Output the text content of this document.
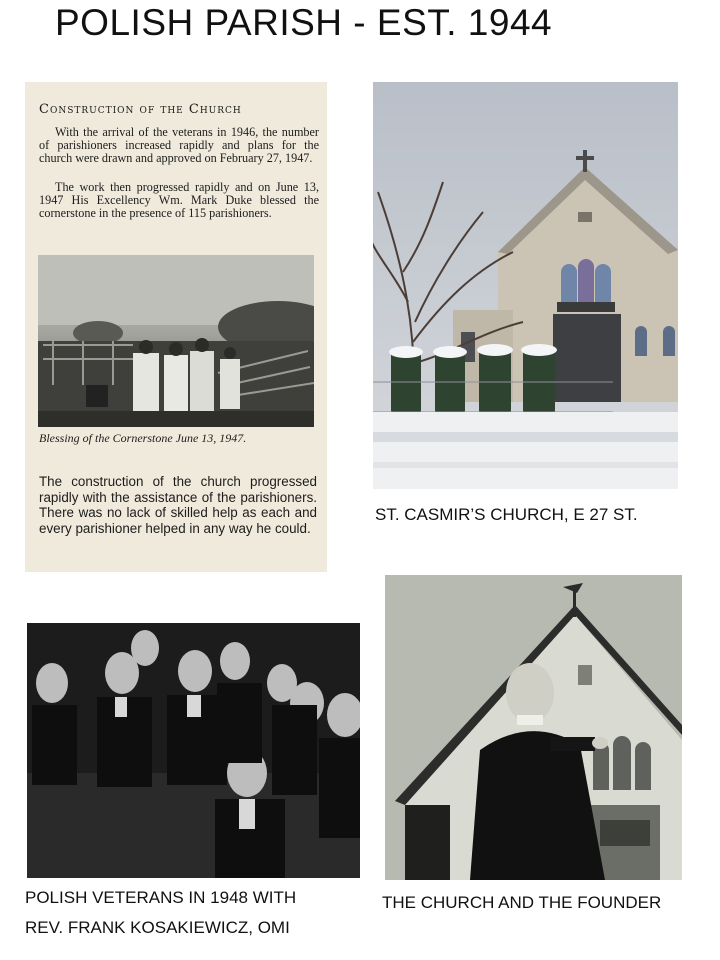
POLISH PARISH - EST. 1944
Construction of the Church

With the arrival of the veterans in 1946, the number of parishioners increased rapidly and plans for the church were drawn and approved on February 27, 1947.

The work then progressed rapidly and on June 13, 1947 His Excellency Wm. Mark Duke blessed the cornerstone in the presence of 115 parishioners.

Blessing of the Cornerstone June 13, 1947.

The construction of the church progressed rapidly with the assistance of the parishioners. There was no lack of skilled help as each and every parishioner helped in any way he could.

ST. CASMIR’S CHURCH, E 27 ST.
POLISH VETERANS IN 1948 WITH
REV. FRANK KOSAKIEWICZ, OMI
THE CHURCH AND THE FOUNDER
